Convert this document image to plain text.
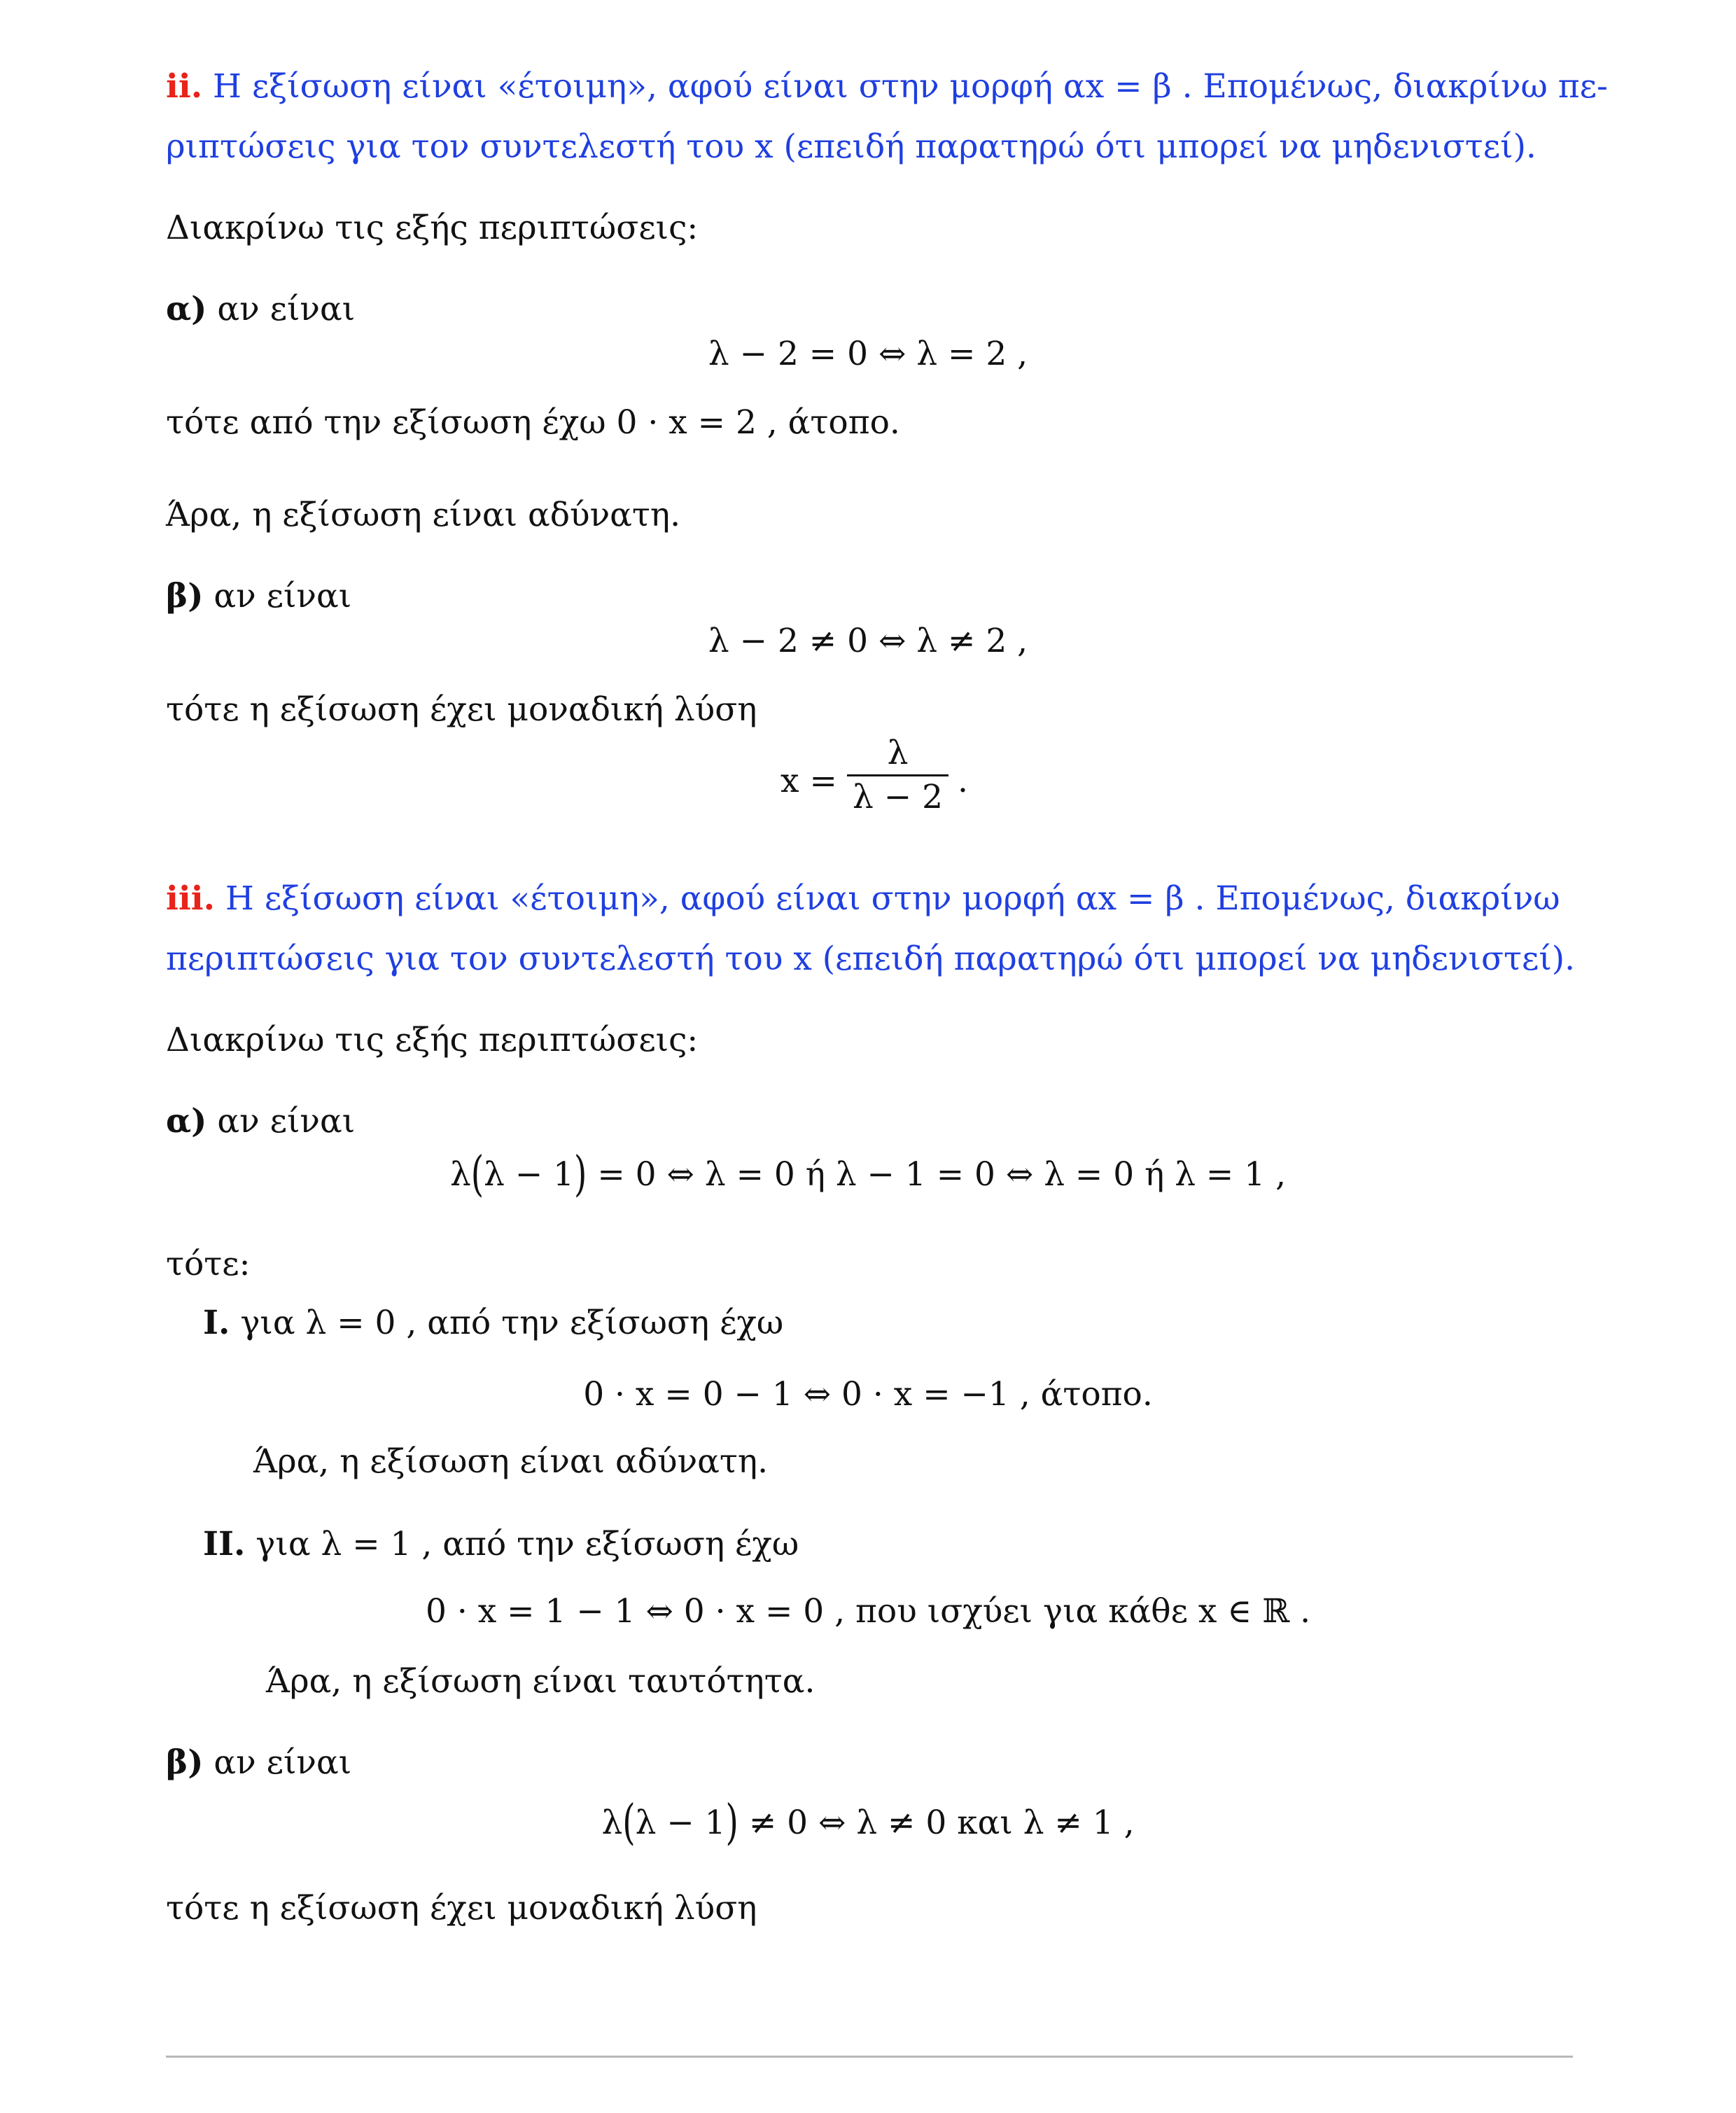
ii. Η εξίσωση είναι «έτοιμη», αφού είναι στην μορφή αx = β . Επομένως, διακρίνω πε-
ριπτώσεις για τον συντελεστή του x (επειδή παρατηρώ ότι μπορεί να μηδενιστεί).
Διακρίνω τις εξής περιπτώσεις:
α) αν είναι
λ − 2 = 0 ⇔ λ = 2 ,
τότε από την εξίσωση έχω 0 · x = 2 , άτοπο.
Άρα, η εξίσωση είναι αδύνατη.
β) αν είναι
λ − 2 ≠ 0 ⇔ λ ≠ 2 ,
τότε η εξίσωση έχει μοναδική λύση
x =
λ
λ − 2 .
iii. Η εξίσωση είναι «έτοιμη», αφού είναι στην μορφή αx = β . Επομένως, διακρίνω
περιπτώσεις για τον συντελεστή του x (επειδή παρατηρώ ότι μπορεί να μηδενιστεί).
Διακρίνω τις εξής περιπτώσεις:
α) αν είναι
λ(λ − 1) = 0 ⇔ λ = 0 ή λ − 1 = 0 ⇔ λ = 0 ή λ = 1 ,
τότε:
I. για λ = 0 , από την εξίσωση έχω
0 · x = 0 − 1 ⇔ 0 · x = −1 , άτοπο.
Άρα, η εξίσωση είναι αδύνατη.
II. για λ = 1 , από την εξίσωση έχω
0 · x = 1 − 1 ⇔ 0 · x = 0 , που ισχύει για κάθε x ∈ ℝ .
Άρα, η εξίσωση είναι ταυτότητα.
β) αν είναι
λ(λ − 1) ≠ 0 ⇔ λ ≠ 0 και λ ≠ 1 ,
τότε η εξίσωση έχει μοναδική λύση
